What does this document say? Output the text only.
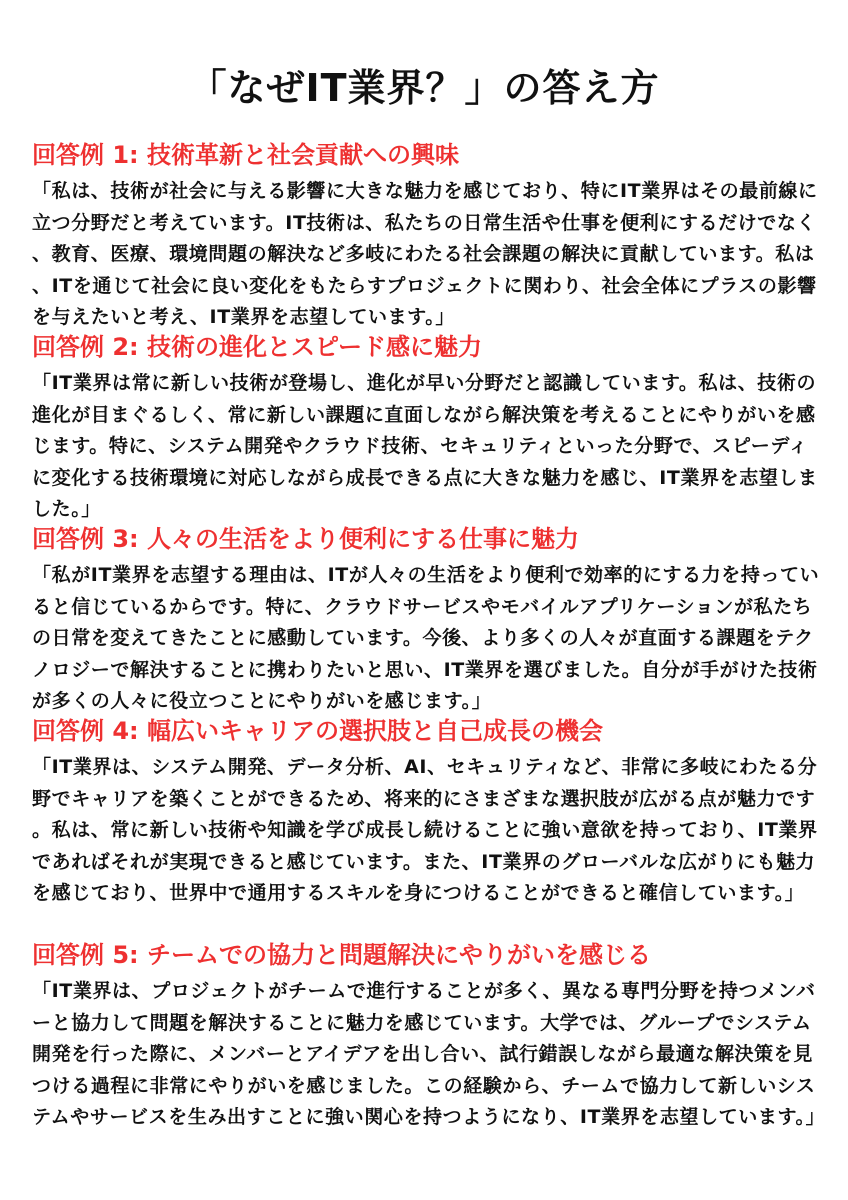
「なぜIT業界？」の答え方
回答例 1: 技術革新と社会貢献への興味

「私は、技術が社会に与える影響に大きな魅力を感じており、特にIT業界はその最前線に立つ分野だと考えています。IT技術は、私たちの日常生活や仕事を便利にするだけでなく、教育、医療、環境問題の解決など多岐にわたる社会課題の解決に貢献しています。私は、ITを通じて社会に良い変化をもたらすプロジェクトに関わり、社会全体にプラスの影響を与えたいと考え、IT業界を志望しています。」

回答例 2: 技術の進化とスピード感に魅力

「IT業界は常に新しい技術が登場し、進化が早い分野だと認識しています。私は、技術の進化が目まぐるしく、常に新しい課題に直面しながら解決策を考えることにやりがいを感じます。特に、システム開発やクラウド技術、セキュリティといった分野で、スピーディに変化する技術環境に対応しながら成長できる点に大きな魅力を感じ、IT業界を志望しました。」

回答例 3: 人々の生活をより便利にする仕事に魅力

「私がIT業界を志望する理由は、ITが人々の生活をより便利で効率的にする力を持っていると信じているからです。特に、クラウドサービスやモバイルアプリケーションが私たちの日常を変えてきたことに感動しています。今後、より多くの人々が直面する課題をテクノロジーで解決することに携わりたいと思い、IT業界を選びました。自分が手がけた技術が多くの人々に役立つことにやりがいを感じます。」

回答例 4: 幅広いキャリアの選択肢と自己成長の機会

「IT業界は、システム開発、データ分析、AI、セキュリティなど、非常に多岐にわたる分野でキャリアを築くことができるため、将来的にさまざまな選択肢が広がる点が魅力です。私は、常に新しい技術や知識を学び成長し続けることに強い意欲を持っており、IT業界であればそれが実現できると感じています。また、IT業界のグローバルな広がりにも魅力を感じており、世界中で通用するスキルを身につけることができると確信しています。」

回答例 5: チームでの協力と問題解決にやりがいを感じる

「IT業界は、プロジェクトがチームで進行することが多く、異なる専門分野を持つメンバーと協力して問題を解決することに魅力を感じています。大学では、グループでシステム開発を行った際に、メンバーとアイデアを出し合い、試行錯誤しながら最適な解決策を見つける過程に非常にやりがいを感じました。この経験から、チームで協力して新しいシステムやサービスを生み出すことに強い関心を持つようになり、IT業界を志望しています。」
